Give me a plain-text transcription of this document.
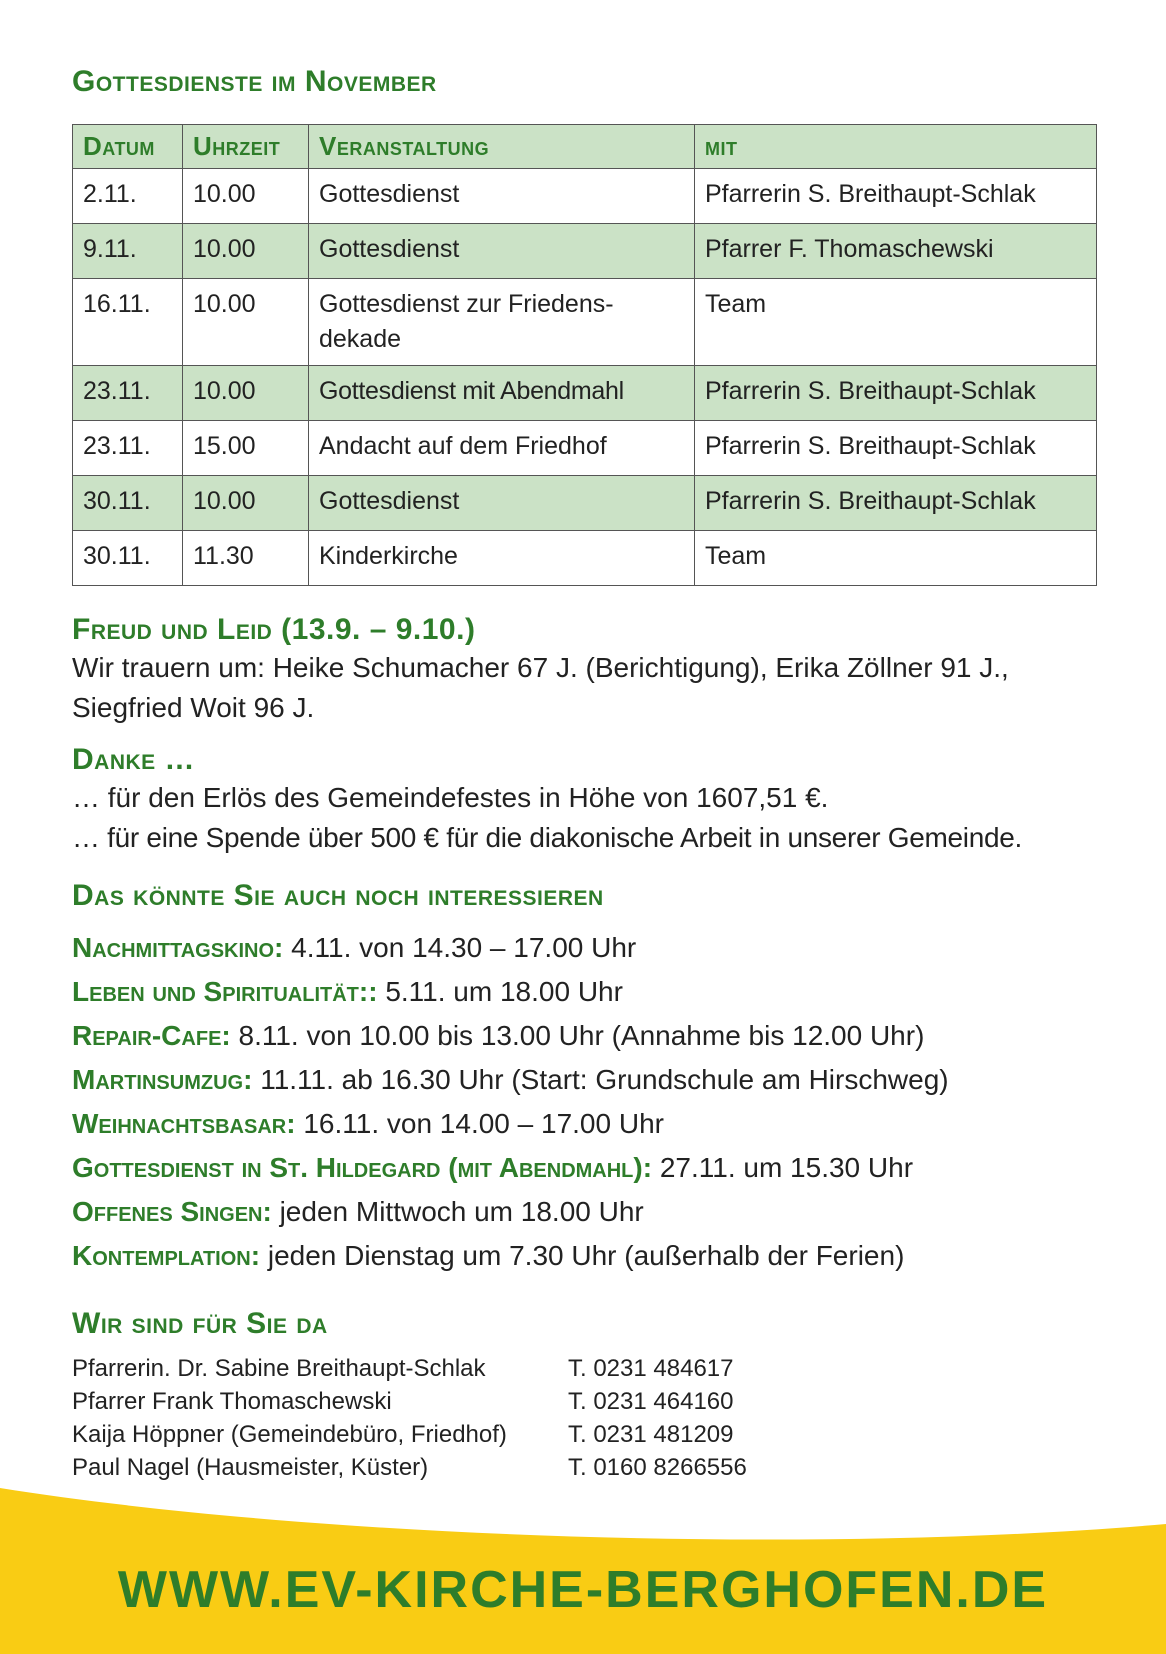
Gottesdienste im November
Datum	Uhrzeit	Veranstaltung	mit
2.11.	10.00	Gottesdienst	Pfarrerin S. Breithaupt-Schlak
9.11.	10.00	Gottesdienst	Pfarrer F. Thomaschewski
16.11.	10.00	Gottesdienst zur Friedens-dekade	Team
23.11.	10.00	Gottesdienst mit Abendmahl	Pfarrerin S. Breithaupt-Schlak
23.11.	15.00	Andacht auf dem Friedhof	Pfarrerin S. Breithaupt-Schlak
30.11.	10.00	Gottesdienst	Pfarrerin S. Breithaupt-Schlak
30.11.	11.30	Kinderkirche	Team
Freud und Leid (13.9. – 9.10.)

Wir trauern um: Heike Schumacher 67 J. (Berichtigung), Erika Zöllner 91 J., Siegfried Woit 96 J.

Danke …

… für den Erlös des Gemeindefestes in Höhe von 1607,51 €.

… für eine Spende über 500 € für die diakonische Arbeit in unserer Gemeinde.

Das könnte Sie auch noch interessieren
Nachmittagskino: 4.11. von 14.30 – 17.00 Uhr
Leben und Spiritualität:: 5.11. um 18.00 Uhr
Repair-Cafe: 8.11. von 10.00 bis 13.00 Uhr (Annahme bis 12.00 Uhr)
Martinsumzug: 11.11. ab 16.30 Uhr (Start: Grundschule am Hirschweg)
Weihnachtsbasar: 16.11. von 14.00 – 17.00 Uhr
Gottesdienst in St. Hildegard (mit Abendmahl): 27.11. um 15.30 Uhr
Offenes Singen: jeden Mittwoch um 18.00 Uhr
Kontemplation: jeden Dienstag um 7.30 Uhr (außerhalb der Ferien)
Wir sind für Sie da
Pfarrerin. Dr. Sabine Breithaupt-Schlak	T. 0231 484617
Pfarrer Frank Thomaschewski	T. 0231 464160
Kaija Höppner (Gemeindebüro, Friedhof)	T. 0231 481209
Paul Nagel (Hausmeister, Küster)	T. 0160 8266556
WWW.EV-KIRCHE-BERGHOFEN.DE
